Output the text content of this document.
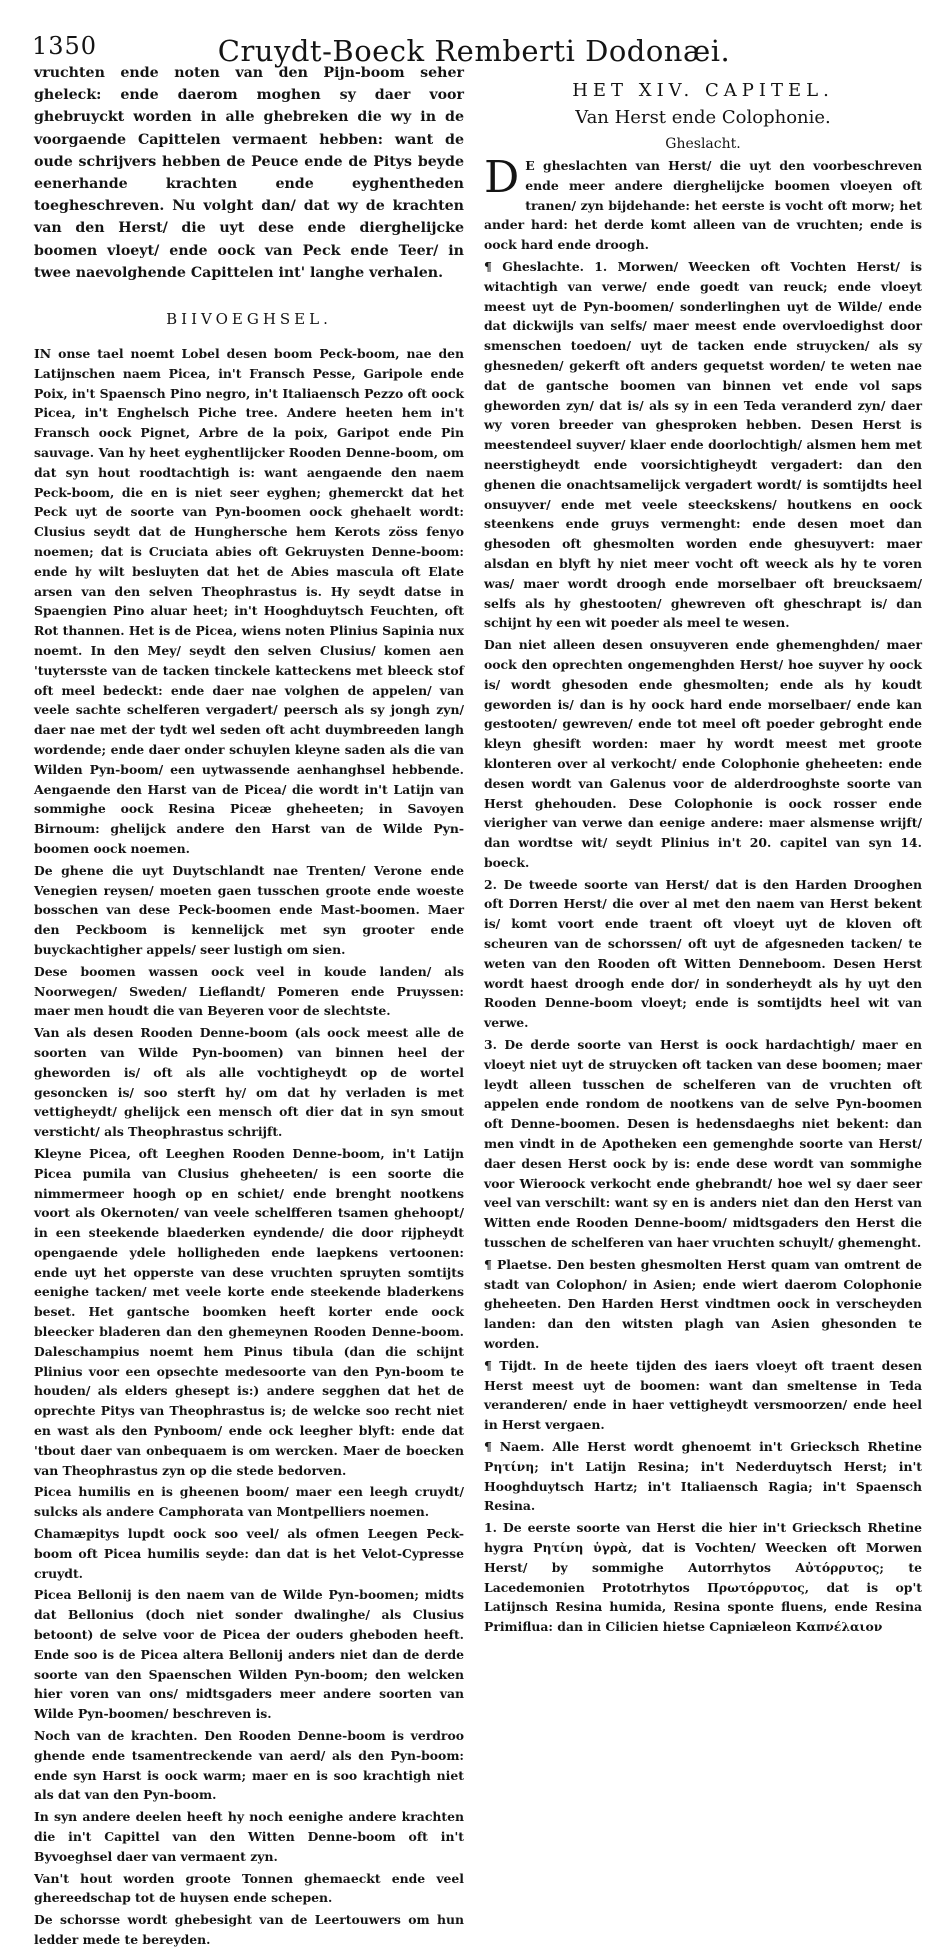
1350	Cruydt-Boeck Remberti Dodonæi.

vruchten ende noten van den Pijn-boom seher gheleck: ende daerom moghen sy daer voor ghebruyckt worden in alle ghebreken die wy in de voorgaende Capittelen vermaent hebben: want de oude schrijvers hebben de Peuce ende de Pitys beyde eenerhande krachten ende eyghentheden toegheschreven. Nu volght dan/ dat wy de krachten van den Herst/ die uyt dese ende dierghelijcke boomen vloeyt/ ende oock van Peck ende Teer/ in twee naevolghende Capittelen int' langhe verhalen.

BIIVOEGHSEL.

IN onse tael noemt Lobel desen boom Peck-boom, nae den Latijnschen naem Picea, in't Fransch Pesse, Garipole ende Poix, in't Spaensch Pino negro, in't Italiaensch Pezzo oft oock Picea, in't Enghelsch Piche tree. Andere heeten hem in't Fransch oock Pignet, Arbre de la poix, Garipot ende Pin sauvage. Van hy heet eyghentlijcker Rooden Denne-boom, om dat syn hout roodtachtigh is: want aengaende den naem Peck-boom, die en is niet seer eyghen; ghemerckt dat het Peck uyt de soorte van Pyn-boomen oock ghehaelt wordt: Clusius seydt dat de Hunghersche hem Kerots zöss fenyo noemen; dat is Cruciata abies oft Gekruysten Denne-boom: ende hy wilt besluyten dat het de Abies mascula oft Elate arsen van den selven Theophrastus is. Hy seydt datse in Spaengien Pino aluar heet; in't Hooghduytsch Feuchten, oft Rot thannen. Het is de Picea, wiens noten Plinius Sapinia nux noemt. In den Mey/ seydt den selven Clusius/ komen aen 'tuytersste van de tacken tinckele katteckens met bleeck stof oft meel bedeckt: ende daer nae volghen de appelen/ van veele sachte schelferen vergadert/ peersch als sy jongh zyn/ daer nae met der tydt wel seden oft acht duymbreeden langh wordende; ende daer onder schuylen kleyne saden als die van Wilden Pyn-boom/ een uytwassende aenhanghsel hebbende. Aengaende den Harst van de Picea/ die wordt in't Latijn van sommighe oock Resina Piceæ gheheeten; in Savoyen Birnoum: ghelijck andere den Harst van de Wilde Pyn-boomen oock noemen.

De ghene die uyt Duytschlandt nae Trenten/ Verone ende Venegien reysen/ moeten gaen tusschen groote ende woeste bosschen van dese Peck-boomen ende Mast-boomen. Maer den Peckboom is kennelijck met syn grooter ende buyckachtigher appels/ seer lustigh om sien.

Dese boomen wassen oock veel in koude landen/ als Noorwegen/ Sweden/ Lieflandt/ Pomeren ende Pruyssen: maer men houdt die van Beyeren voor de slechtste.

Van als desen Rooden Denne-boom (als oock meest alle de soorten van Wilde Pyn-boomen) van binnen heel der gheworden is/ oft als alle vochtigheydt op de wortel gesoncken is/ soo sterft hy/ om dat hy verladen is met vettigheydt/ ghelijck een mensch oft dier dat in syn smout versticht/ als Theophrastus schrijft.

Kleyne Picea, oft Leeghen Rooden Denne-boom, in't Latijn Picea pumila van Clusius gheheeten/ is een soorte die nimmermeer hoogh op en schiet/ ende brenght nootkens voort als Okernoten/ van veele schelfferen tsamen ghehoopt/ in een steekende blaederken eyndende/ die door rijpheydt opengaende ydele holligheden ende laepkens vertoonen: ende uyt het opperste van dese vruchten spruyten somtijts eenighe tacken/ met veele korte ende steekende bladerkens beset. Het gantsche boomken heeft korter ende oock bleecker bladeren dan den ghemeynen Rooden Denne-boom. Daleschampius noemt hem Pinus tibula (dan die schijnt Plinius voor een opsechte medesoorte van den Pyn-boom te houden/ als elders ghesept is:) andere segghen dat het de oprechte Pitys van Theophrastus is; de welcke soo recht niet en wast als den Pynboom/ ende ock leegher blyft: ende dat 'tbout daer van onbequaem is om wercken. Maer de boecken van Theophrastus zyn op die stede bedorven.

Picea humilis en is gheenen boom/ maer een leegh cruydt/ sulcks als andere Camphorata van Montpelliers noemen.

Chamæpitys lupdt oock soo veel/ als ofmen Leegen Peck-boom oft Picea humilis seyde: dan dat is het Velot-Cypresse cruydt.

Picea Bellonij is den naem van de Wilde Pyn-boomen; midts dat Bellonius (doch niet sonder dwalinghe/ als Clusius betoont) de selve voor de Picea der ouders gheboden heeft. Ende soo is de Picea altera Bellonij anders niet dan de derde soorte van den Spaenschen Wilden Pyn-boom; den welcken hier voren van ons/ midtsgaders meer andere soorten van Wilde Pyn-boomen/ beschreven is.

Noch van de krachten. Den Rooden Denne-boom is verdroo ghende ende tsamentreckende van aerd/ als den Pyn-boom: ende syn Harst is oock warm; maer en is soo krachtigh niet als dat van den Pyn-boom.

In syn andere deelen heeft hy noch eenighe andere krachten die in't Capittel van den Witten Denne-boom oft in't Byvoeghsel daer van vermaent zyn.

Van't hout worden groote Tonnen ghemaeckt ende veel ghereedschap tot de huysen ende schepen.

De schorsse wordt ghebesight van de Leertouwers om hun ledder mede te bereyden.

HET XIV. CAPITEL.
Van Herst ende Colophonie.
Gheslacht.

D E gheslachten van Herst/ die uyt den voorbeschreven ende meer andere dierghelijcke boomen vloeyen oft tranen/ zyn bijdehande: het eerste is vocht oft morw; het ander hard: het derde komt alleen van de vruchten; ende is oock hard ende droogh.

¶ Gheslachte. 1. Morwen/ Weecken oft Vochten Herst/ is witachtigh van verwe/ ende goedt van reuck; ende vloeyt meest uyt de Pyn-boomen/ sonderlinghen uyt de Wilde/ ende dat dickwijls van selfs/ maer meest ende overvloedighst door smenschen toedoen/ uyt de tacken ende struycken/ als sy ghesneden/ gekerft oft anders gequetst worden/ te weten nae dat de gantsche boomen van binnen vet ende vol saps gheworden zyn/ dat is/ als sy in een Teda veranderd zyn/ daer wy voren breeder van ghesproken hebben. Desen Herst is meestendeel suyver/ klaer ende doorlochtigh/ alsmen hem met neerstigheydt ende voorsichtigheydt vergadert: dan den ghenen die onachtsamelijck vergadert wordt/ is somtijdts heel onsuyver/ ende met veele steeckskens/ houtkens en oock steenkens ende gruys vermenght: ende desen moet dan ghesoden oft ghesmolten worden ende ghesuyvert: maer alsdan en blyft hy niet meer vocht oft weeck als hy te voren was/ maer wordt droogh ende morselbaer oft breucksaem/ selfs als hy ghestooten/ ghewreven oft gheschrapt is/ dan schijnt hy een wit poeder als meel te wesen.

Dan niet alleen desen onsuyveren ende ghemenghden/ maer oock den oprechten ongemenghden Herst/ hoe suyver hy oock is/ wordt ghesoden ende ghesmolten; ende als hy koudt geworden is/ dan is hy oock hard ende morselbaer/ ende kan gestooten/ gewreven/ ende tot meel oft poeder gebroght ende kleyn ghesift worden: maer hy wordt meest met groote klonteren over al verkocht/ ende Colophonie gheheeten: ende desen wordt van Galenus voor de alderdrooghste soorte van Herst ghehouden. Dese Colophonie is oock rosser ende vierigher van verwe dan eenige andere: maer alsmense wrijft/ dan wordtse wit/ seydt Plinius in't 20. capitel van syn 14. boeck.

2. De tweede soorte van Herst/ dat is den Harden Drooghen oft Dorren Herst/ die over al met den naem van Herst bekent is/ komt voort ende traent oft vloeyt uyt de kloven oft scheuren van de schorssen/ oft uyt de afgesneden tacken/ te weten van den Rooden oft Witten Denneboom. Desen Herst wordt haest droogh ende dor/ in sonderheydt als hy uyt den Rooden Denne-boom vloeyt; ende is somtijdts heel wit van verwe.

3. De derde soorte van Herst is oock hardachtigh/ maer en vloeyt niet uyt de struycken oft tacken van dese boomen; maer leydt alleen tusschen de schelferen van de vruchten oft appelen ende rondom de nootkens van de selve Pyn-boomen oft Denne-boomen. Desen is hedensdaeghs niet bekent: dan men vindt in de Apotheken een gemenghde soorte van Herst/ daer desen Herst oock by is: ende dese wordt van sommighe voor Wieroock verkocht ende ghebrandt/ hoe wel sy daer seer veel van verschilt: want sy en is anders niet dan den Herst van Witten ende Rooden Denne-boom/ midtsgaders den Herst die tusschen de schelferen van haer vruchten schuylt/ ghemenght.

¶ Plaetse. Den besten ghesmolten Herst quam van omtrent de stadt van Colophon/ in Asien; ende wiert daerom Colophonie gheheeten. Den Harden Herst vindtmen oock in verscheyden landen: dan den witsten plagh van Asien ghesonden te worden.

¶ Tijdt. In de heete tijden des iaers vloeyt oft traent desen Herst meest uyt de boomen: want dan smeltense in Teda veranderen/ ende in haer vettigheydt versmoorzen/ ende heel in Herst vergaen.

¶ Naem. Alle Herst wordt ghenoemt in't Griecksch Rhetine Ρητίνη; in't Latijn Resina; in't Nederduytsch Herst; in't Hooghduytsch Hartz; in't Italiaensch Ragia; in't Spaensch Resina.

1. De eerste soorte van Herst die hier in't Griecksch Rhetine hygra Ρητίνη ὑγρὰ, dat is Vochten/ Weecken oft Morwen Herst/ by sommighe Autorrhytos Αὐτόρρυτος; te Lacedemonien Prototrhytos Πρωτόρρυτος, dat is op't Latijnsch Resina humida, Resina sponte fluens, ende Resina Primiflua: dan in Cilicien hietse Capniæleon Καπνέλαιον
